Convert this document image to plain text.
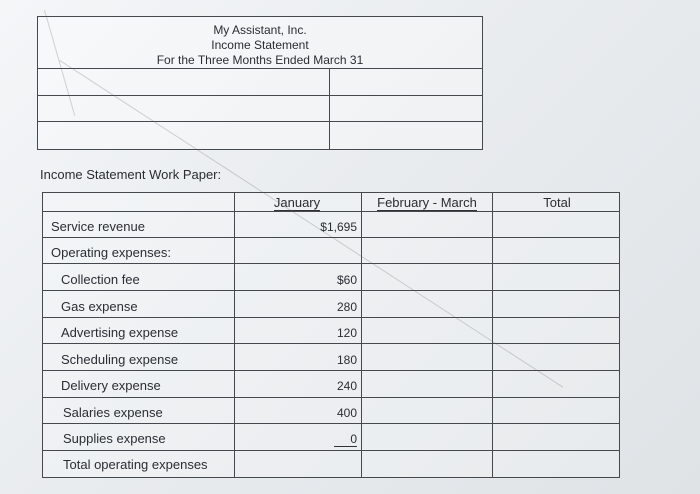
My Assistant, Inc.
Income Statement
For the Three Months Ended March 31
Income Statement Work Paper:
January	February - March	Total
Service revenue
Operating expenses:
Collection fee
Gas expense
Advertising expense
Scheduling expense
Delivery expense
Salaries expense
Supplies expense
Total operating expenses
$1,695
$60
280
120
180
240
400
0
